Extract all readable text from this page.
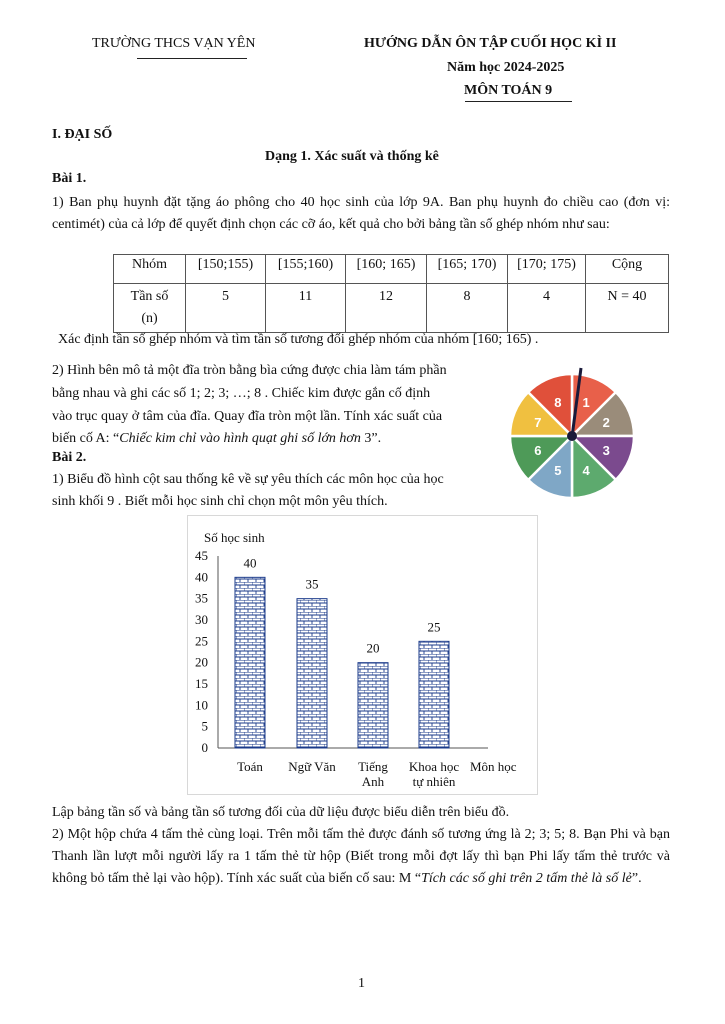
TRƯỜNG THCS VẠN YÊN	HƯỚNG DẪN ÔN TẬP CUỐI HỌC KÌ II
Năm học 2024-2025
MÔN TOÁN 9
I. ĐẠI SỐ
Dạng 1. Xác suất và thống kê
Bài 1.
1) Ban phụ huynh đặt tặng áo phông cho 40 học sinh của lớp 9A. Ban phụ huynh đo chiều cao (đơn vị: centimét) của cả lớp để quyết định chọn các cỡ áo, kết quả cho bởi bảng tần số ghép nhóm như sau:
Nhóm	[150;155)	[155;160)	[160; 165)	[165; 170)	[170; 175)	Cộng

Tần số
(n)	5	11	12	8	4	N = 40
Xác định tần số ghép nhóm và tìm tần số tương đối ghép nhóm của nhóm [160; 165) .
2) Hình bên mô tả một đĩa tròn bằng bìa cứng được chia làm tám phần
bằng nhau và ghi các số 1; 2; 3; …; 8 . Chiếc kim được gắn cố định
vào trục quay ở tâm của đĩa. Quay đĩa tròn một lần. Tính xác suất của
biến cố A: “Chiếc kim chỉ vào hình quạt ghi số lớn hơn 3”.
1
2
3
4
5
6
7
8
Bài 2.
1) Biểu đồ hình cột sau thống kê về sự yêu thích các môn học của học
sinh khối 9 . Biết mỗi học sinh chỉ chọn một môn yêu thích.
Số học sinh
0
5
10
15
20
25
30
35
40
45	40
35
20
25
Toán Ngữ Văn Tiếng
Anh
Khoa học
tự nhiên
Môn học
Lập bảng tần số và bảng tần số tương đối của dữ liệu được biểu diễn trên biểu đồ.
2) Một hộp chứa 4 tấm thẻ cùng loại. Trên mỗi tấm thẻ được đánh số tương ứng là 2; 3; 5; 8. Bạn Phi và bạn Thanh lần lượt mỗi người lấy ra 1 tấm thẻ từ hộp (Biết trong mỗi đợt lấy thì bạn Phi lấy tấm thẻ trước và không bỏ tấm thẻ lại vào hộp). Tính xác suất của biến cố sau: M “Tích các số ghi trên 2 tấm thẻ là số lẻ”.
1
